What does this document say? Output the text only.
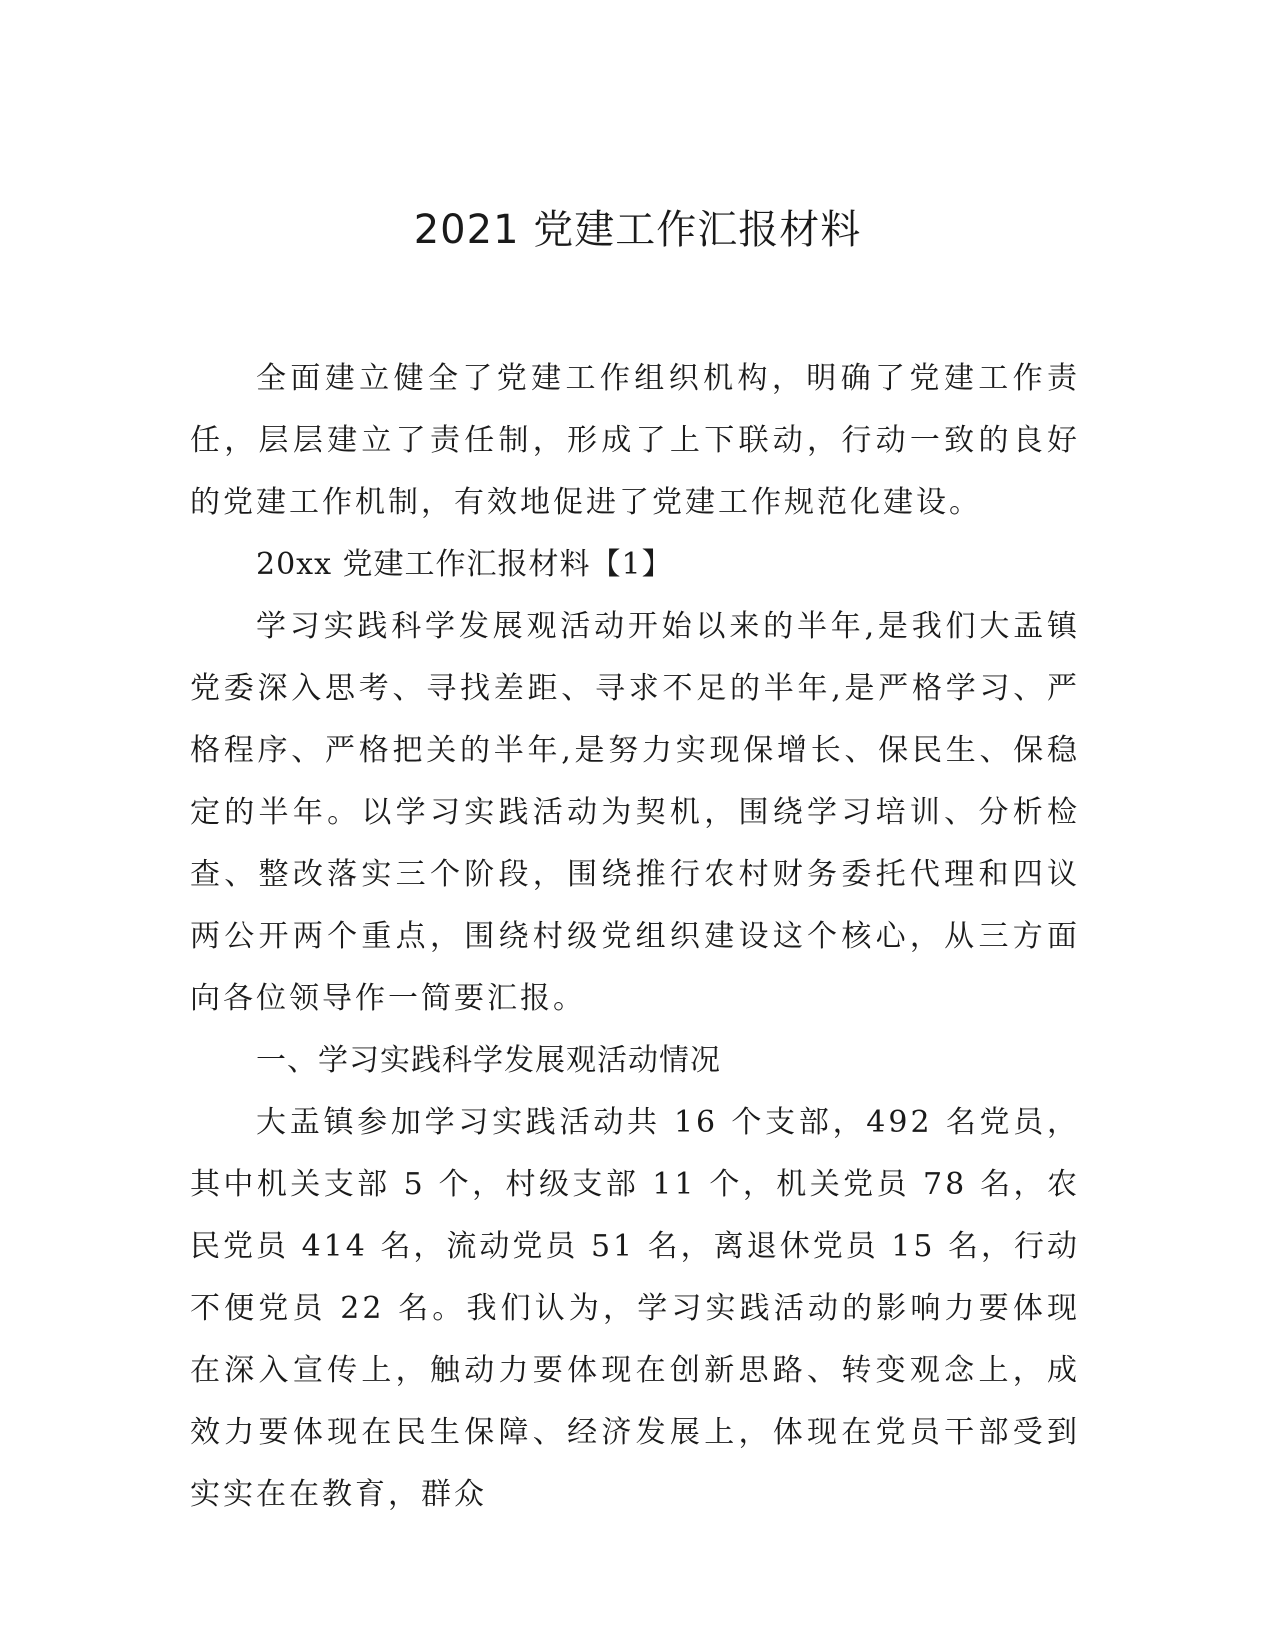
2021 党建工作汇报材料

全面建立健全了党建工作组织机构，明确了党建工作责任，层层建立了责任制，形成了上下联动，行动一致的良好的党建工作机制，有效地促进了党建工作规范化建设。

20xx 党建工作汇报材料【1】

学习实践科学发展观活动开始以来的半年,是我们大盂镇党委深入思考、寻找差距、寻求不足的半年,是严格学习、严格程序、严格把关的半年,是努力实现保增长、保民生、保稳定的半年。以学习实践活动为契机，围绕学习培训、分析检查、整改落实三个阶段，围绕推行农村财务委托代理和四议两公开两个重点，围绕村级党组织建设这个核心，从三方面向各位领导作一简要汇报。

一、学习实践科学发展观活动情况

大盂镇参加学习实践活动共 16 个支部，492 名党员，其中机关支部 5 个，村级支部 11 个，机关党员 78 名，农民党员 414 名，流动党员 51 名，离退休党员 15 名，行动不便党员 22 名。我们认为，学习实践活动的影响力要体现在深入宣传上，触动力要体现在创新思路、转变观念上，成效力要体现在民生保障、经济发展上，体现在党员干部受到实实在在教育，群众
